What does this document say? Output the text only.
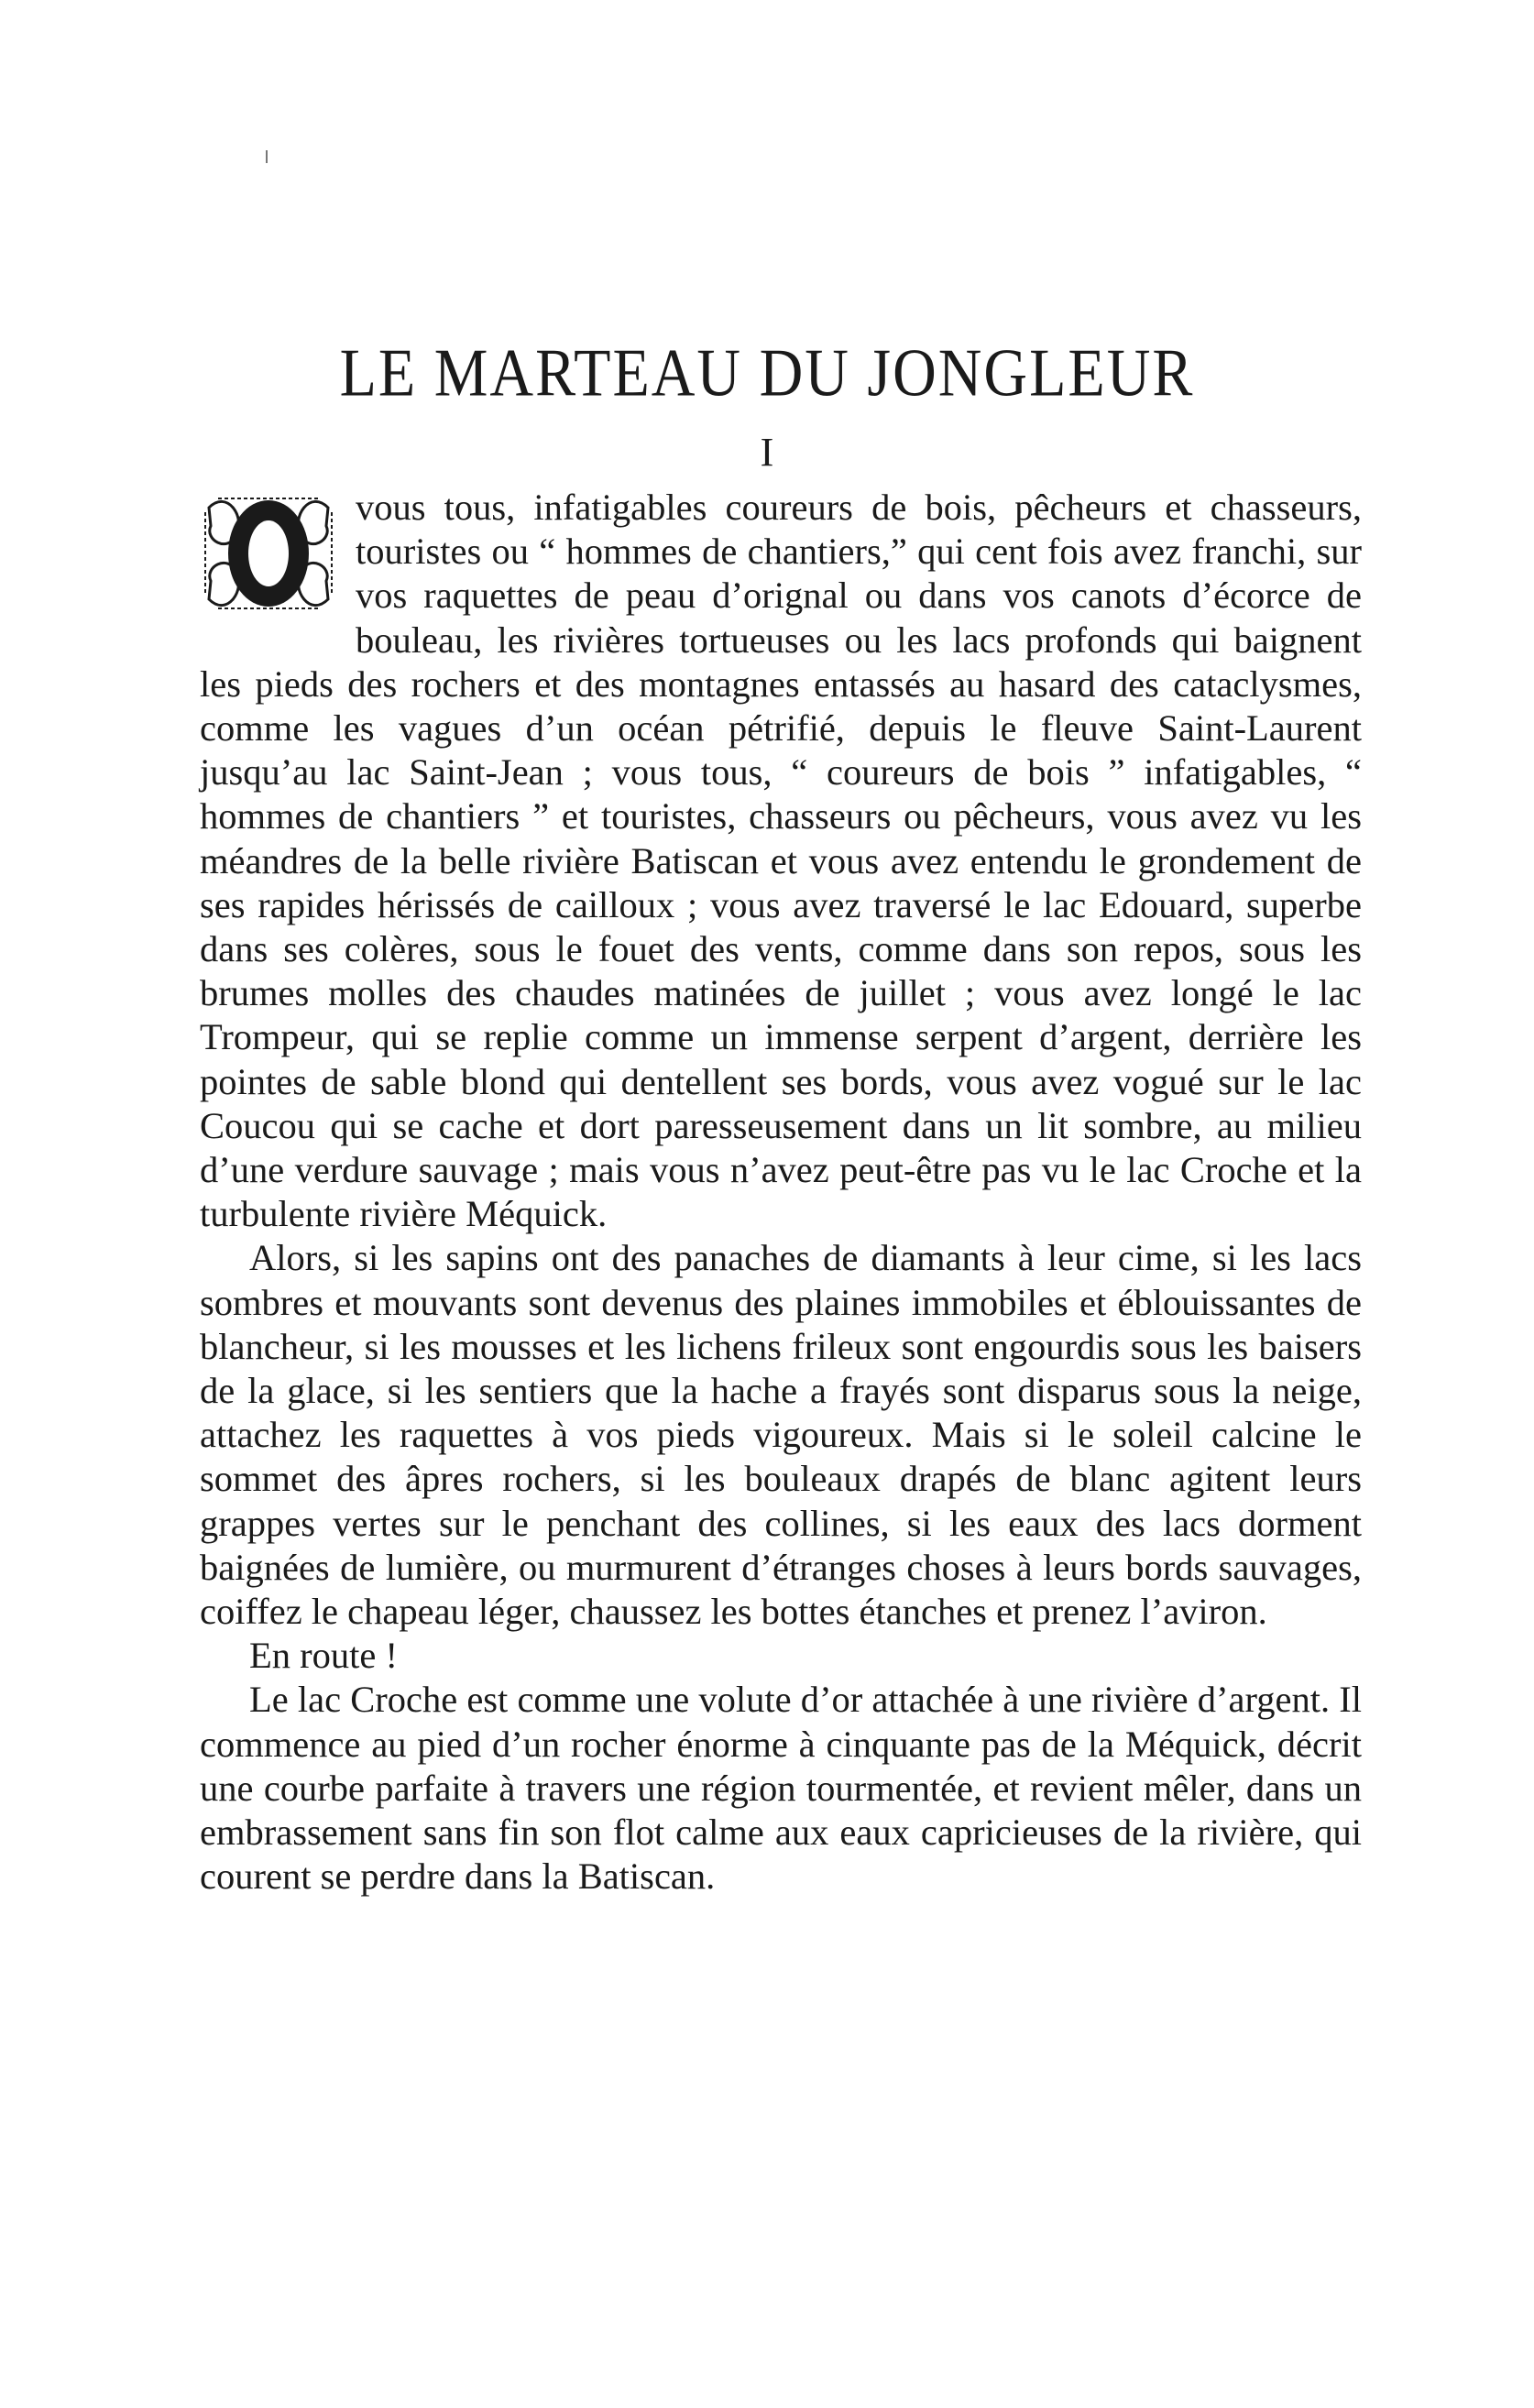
LE MARTEAU DU JONGLEUR
I

vous tous, infatigables coureurs de bois, pêcheurs et chasseurs, touristes ou “ hommes de chantiers,” qui cent fois avez franchi, sur vos raquettes de peau d’orignal ou dans vos canots d’écorce de bouleau, les rivières tortueuses ou les lacs profonds qui baignent les pieds des rochers et des montagnes entassés au hasard des cataclysmes, comme les vagues d’un océan pétrifié, depuis le fleuve Saint-Laurent jusqu’au lac Saint-Jean ; vous tous, “ coureurs de bois ” infatigables, “ hommes de chantiers ” et touristes, chasseurs ou pêcheurs, vous avez vu les méandres de la belle rivière Batiscan et vous avez entendu le grondement de ses rapides hérissés de cailloux ; vous avez traversé le lac Edouard, superbe dans ses colères, sous le fouet des vents, comme dans son repos, sous les brumes molles des chaudes matinées de juillet ; vous avez longé le lac Trompeur, qui se replie comme un immense serpent d’argent, derrière les pointes de sable blond qui dentellent ses bords, vous avez vogué sur le lac Coucou qui se cache et dort paresseusement dans un lit sombre, au milieu d’une verdure sauvage ; mais vous n’avez peut-être pas vu le lac Croche et la turbulente rivière Méquick.

Alors, si les sapins ont des panaches de diamants à leur cime, si les lacs sombres et mouvants sont devenus des plaines immobiles et éblouissantes de blancheur, si les mousses et les lichens frileux sont engourdis sous les baisers de la glace, si les sentiers que la hache a frayés sont disparus sous la neige, attachez les raquettes à vos pieds vigoureux. Mais si le soleil calcine le sommet des âpres rochers, si les bouleaux drapés de blanc agitent leurs grappes vertes sur le penchant des collines, si les eaux des lacs dorment baignées de lumière, ou murmurent d’étranges choses à leurs bords sauvages, coiffez le chapeau léger, chaussez les bottes étanches et prenez l’aviron.

En route !

Le lac Croche est comme une volute d’or attachée à une rivière d’argent. Il commence au pied d’un rocher énorme à cinquante pas de la Méquick, décrit une courbe parfaite à travers une région tourmentée, et revient mêler, dans un embrassement sans fin son flot calme aux eaux capricieuses de la rivière, qui courent se perdre dans la Batiscan.
